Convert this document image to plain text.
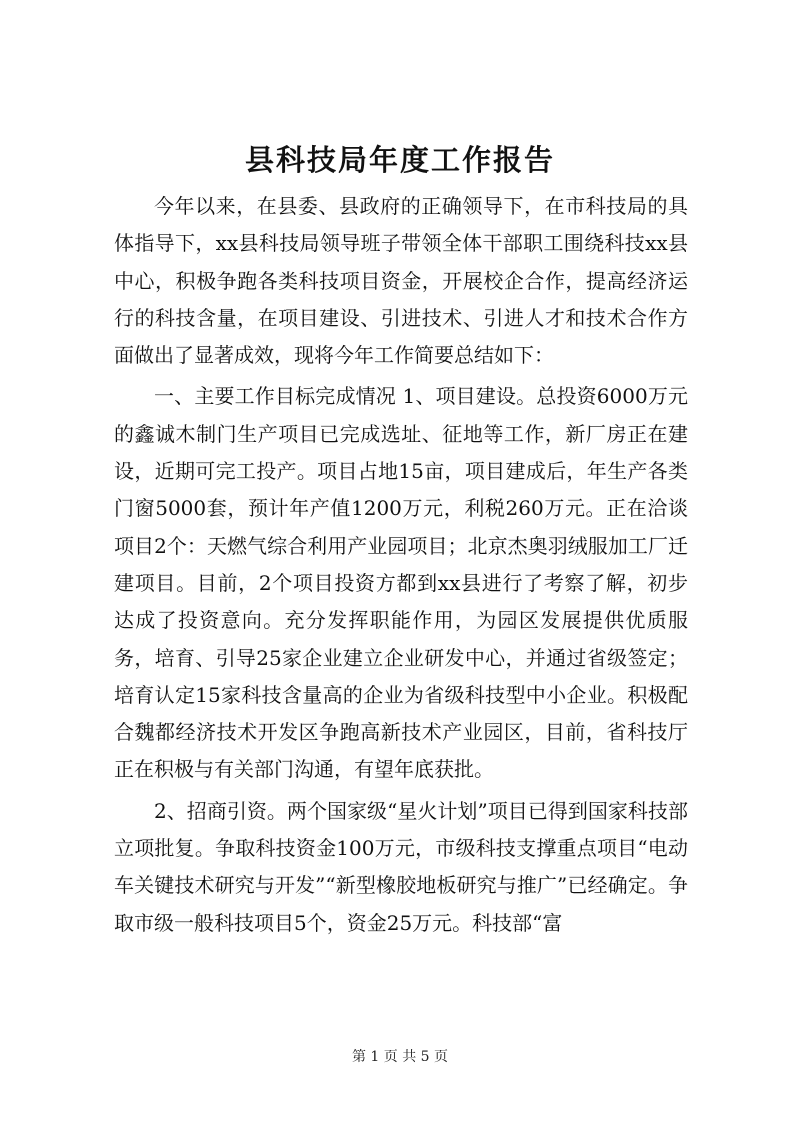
县科技局年度工作报告

今年以来，在县委、县政府的正确领导下，在市科技局的具体指导下，xx县科技局领导班子带领全体干部职工围绕科技xx县中心，积极争跑各类科技项目资金，开展校企合作，提高经济运行的科技含量，在项目建设、引进技术、引进人才和技术合作方面做出了显著成效，现将今年工作简要总结如下：

一、主要工作目标完成情况 1、项目建设。总投资6000万元的鑫诚木制门生产项目已完成选址、征地等工作，新厂房正在建设，近期可完工投产。项目占地15亩，项目建成后，年生产各类门窗5000套，预计年产值1200万元，利税260万元。正在洽谈项目2个：天燃气综合利用产业园项目；北京杰奥羽绒服加工厂迁建项目。目前，2个项目投资方都到xx县进行了考察了解，初步达成了投资意向。充分发挥职能作用，为园区发展提供优质服务，培育、引导25家企业建立企业研发中心，并通过省级签定；培育认定15家科技含量高的企业为省级科技型中小企业。积极配合魏都经济技术开发区争跑高新技术产业园区，目前，省科技厅正在积极与有关部门沟通，有望年底获批。

2、招商引资。两个国家级“星火计划”项目已得到国家科技部立项批复。争取科技资金100万元，市级科技支撑重点项目“电动车关键技术研究与开发”“新型橡胶地板研究与推广”已经确定。争取市级一般科技项目5个，资金25万元。科技部“富

第 1 页 共 5 页
